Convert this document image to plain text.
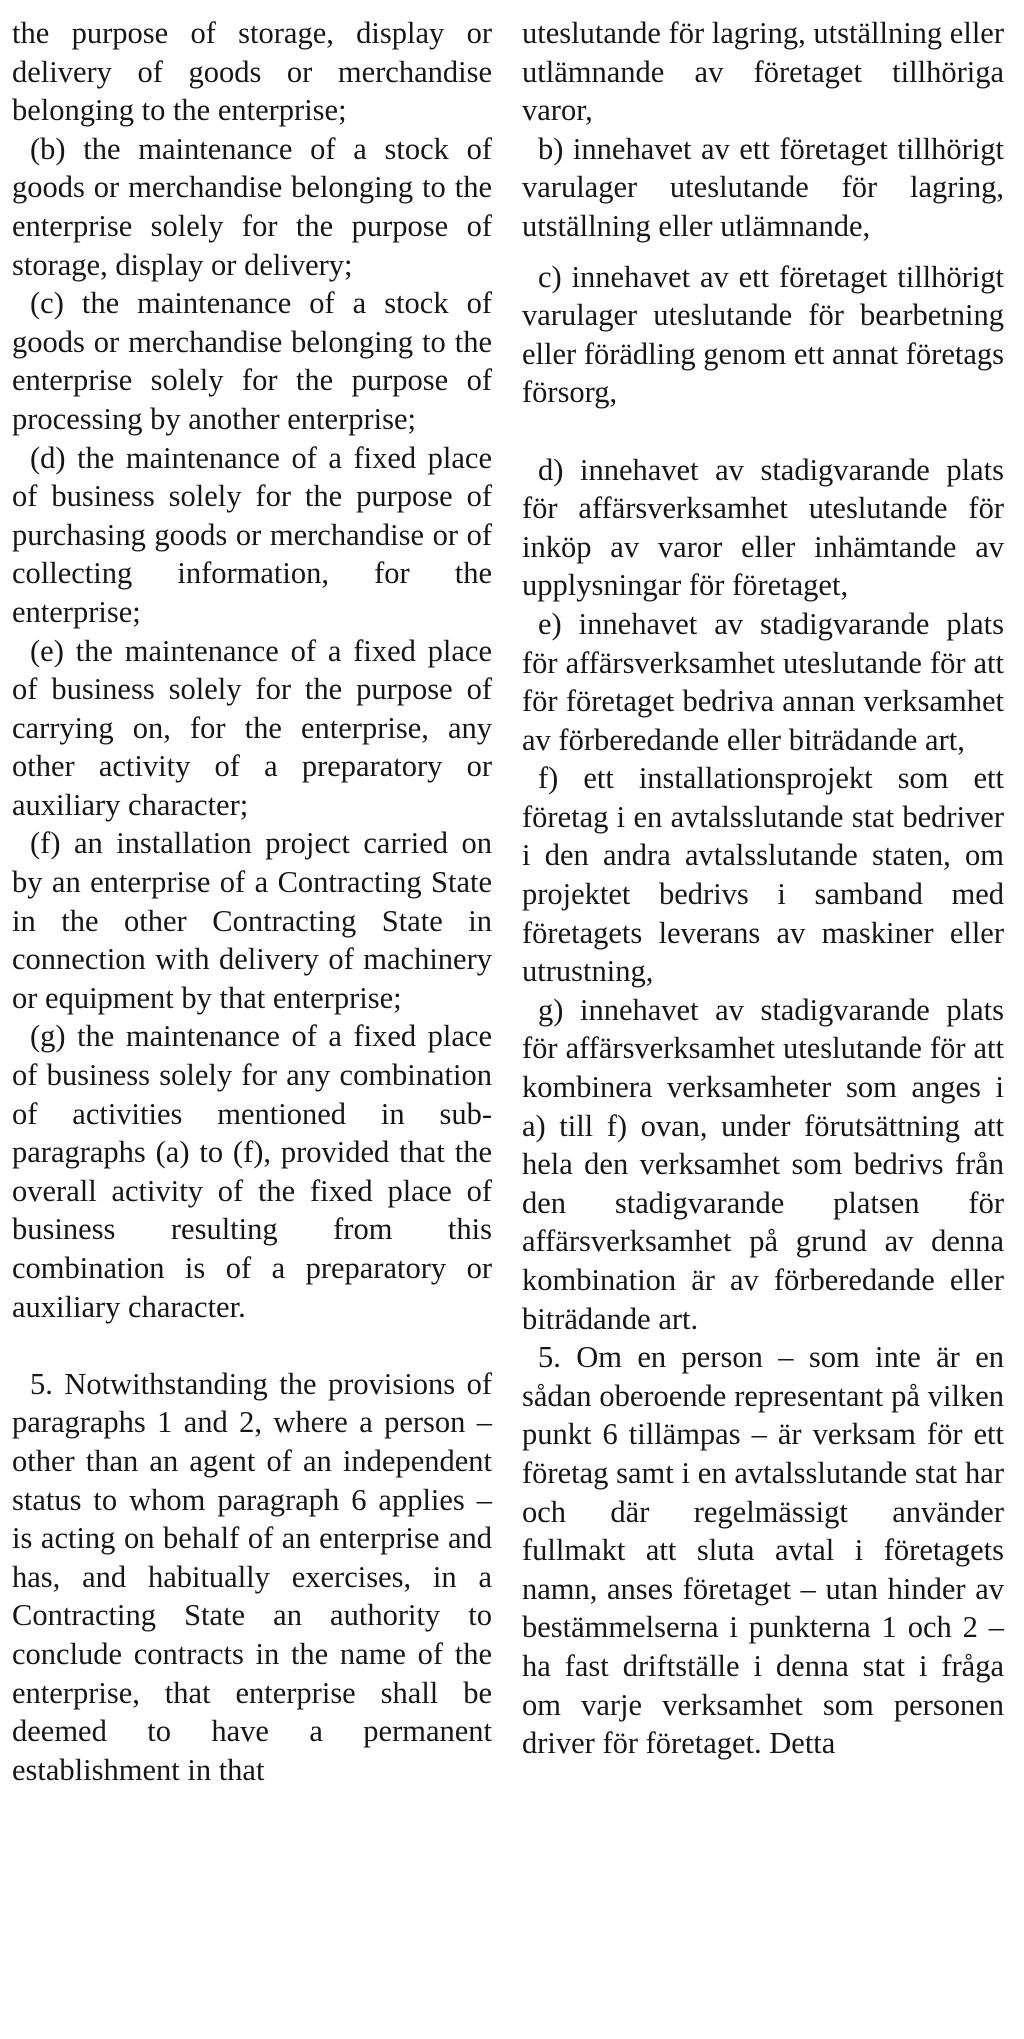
the purpose of storage, display or delivery of goods or merchandise belonging to the enterprise;

(b) the maintenance of a stock of goods or merchandise belonging to the enterprise solely for the purpose of storage, display or delivery;

(c) the maintenance of a stock of goods or merchandise belonging to the enterprise solely for the purpose of processing by another enterprise;

(d) the maintenance of a fixed place of business solely for the purpose of purchasing goods or merchandise or of collecting information, for the enterprise;

(e) the maintenance of a fixed place of business solely for the purpose of carrying on, for the enterprise, any other activity of a preparatory or auxiliary character;

(f) an installation project carried on by an enterprise of a Contracting State in the other Contracting State in connection with delivery of machinery or equipment by that enterprise;

(g) the maintenance of a fixed place of business solely for any combination of activities mentioned in sub-paragraphs (a) to (f), provided that the overall activity of the fixed place of business resulting from this combination is of a preparatory or auxiliary character.

5. Notwithstanding the provisions of paragraphs 1 and 2, where a person – other than an agent of an independent status to whom paragraph 6 applies – is acting on behalf of an enterprise and has, and habitually exercises, in a Contracting State an authority to conclude contracts in the name of the enterprise, that enterprise shall be deemed to have a permanent establishment in that

uteslutande för lagring, utställning eller utlämnande av företaget tillhöriga varor,

b) innehavet av ett företaget tillhörigt varulager uteslutande för lagring, utställning eller utlämnande,

c) innehavet av ett företaget tillhörigt varulager uteslutande för bearbetning eller förädling genom ett annat företags försorg,

d) innehavet av stadigvarande plats för affärsverksamhet uteslutande för inköp av varor eller inhämtande av upplysningar för företaget,

e) innehavet av stadigvarande plats för affärsverksamhet uteslutande för att för företaget bedriva annan verksamhet av förberedande eller biträdande art,

f) ett installationsprojekt som ett företag i en avtalsslutande stat bedriver i den andra avtalsslutande staten, om projektet bedrivs i samband med företagets leverans av maskiner eller utrustning,

g) innehavet av stadigvarande plats för affärsverksamhet uteslutande för att kombinera verksamheter som anges i a) till f) ovan, under förutsättning att hela den verksamhet som bedrivs från den stadigvarande platsen för affärsverksamhet på grund av denna kombination är av förberedande eller biträdande art.

5. Om en person – som inte är en sådan oberoende representant på vilken punkt 6 tillämpas – är verksam för ett företag samt i en avtalsslutande stat har och där regelmässigt använder fullmakt att sluta avtal i företagets namn, anses företaget – utan hinder av bestämmelserna i punkterna 1 och 2 – ha fast driftställe i denna stat i fråga om varje verksamhet som personen driver för företaget. Detta
